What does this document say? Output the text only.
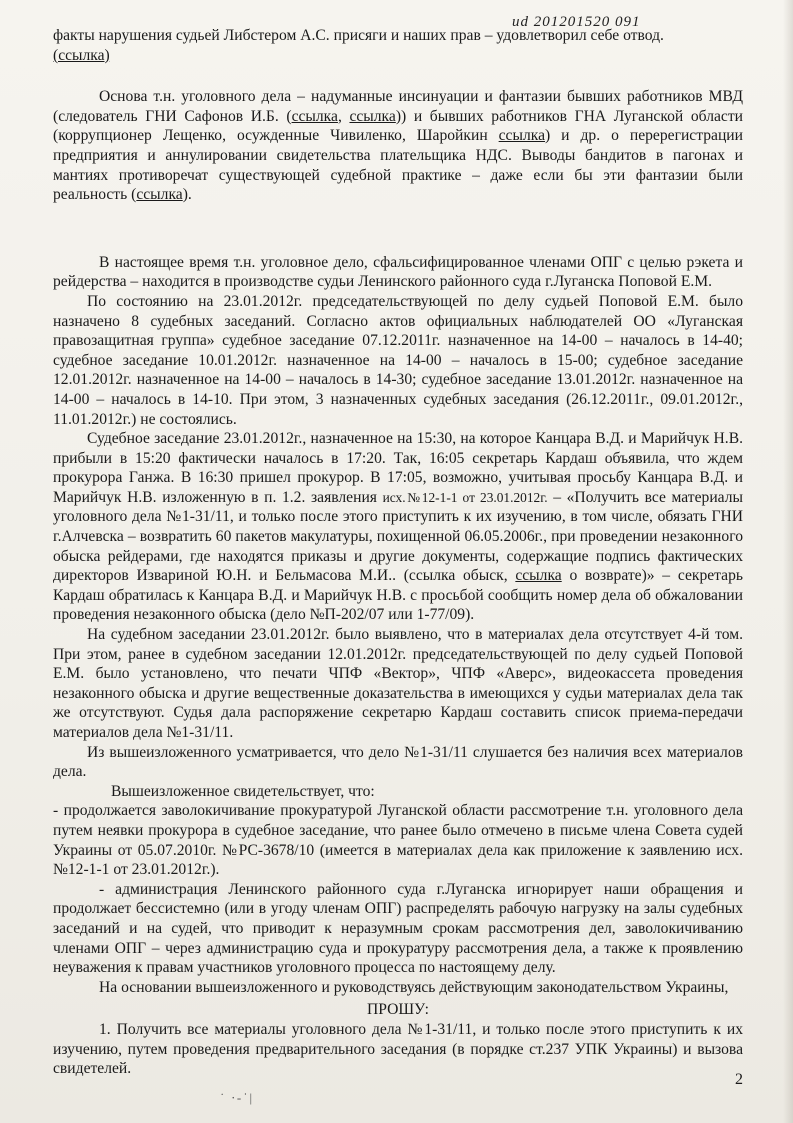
ud 201201520 091

факты нарушения судьей Либстером А.С. присяги и наших прав – удовлетворил себе отвод.
(ссылка)

Основа т.н. уголовного дела – надуманные инсинуации и фантазии бывших работников МВД (следователь ГНИ Сафонов И.Б. (ссылка, ссылка)) и бывших работников ГНА Луганской области (коррупционер Лещенко, осужденные Чивиленко, Шаройкин ссылка) и др. о перерегистрации предприятия и аннулировании свидетельства плательщика НДС. Выводы бандитов в пагонах и мантиях противоречат существующей судебной практике – даже если бы эти фантазии были реальность (ссылка).

В настоящее время т.н. уголовное дело, сфальсифицированное членами ОПГ с целью рэкета и рейдерства – находится в производстве судьи Ленинского районного суда г.Луганска Поповой Е.М.

По состоянию на 23.01.2012г. председательствующей по делу судьей Поповой Е.М. было назначено 8 судебных заседаний. Согласно актов официальных наблюдателей ОО «Луганская правозащитная группа» судебное заседание 07.12.2011г. назначенное на 14-00 – началось в 14-40; судебное заседание 10.01.2012г. назначенное на 14-00 – началось в 15-00; судебное заседание 12.01.2012г. назначенное на 14-00 – началось в 14-30; судебное заседание 13.01.2012г. назначенное на 14-00 – началось в 14-10. При этом, 3 назначенных судебных заседания (26.12.2011г., 09.01.2012г., 11.01.2012г.) не состоялись.

Судебное заседание 23.01.2012г., назначенное на 15:30, на которое Канцара В.Д. и Марийчук Н.В. прибыли в 15:20 фактически началось в 17:20. Так, 16:05 секретарь Кардаш объявила, что ждем прокурора Ганжа. В 16:30 пришел прокурор. В 17:05, возможно, учитывая просьбу Канцара В.Д. и Марийчук Н.В. изложенную в п. 1.2. заявления исх.№12-1-1 от 23.01.2012г. – «Получить все материалы уголовного дела №1-31/11, и только после этого приступить к их изучению, в том числе, обязать ГНИ г.Алчевска – возвратить 60 пакетов макулатуры, похищенной 06.05.2006г., при проведении незаконного обыска рейдерами, где находятся приказы и другие документы, содержащие подпись фактических директоров Изваринoй Ю.Н. и Бельмасова М.И.. (ссылка обыск, ссылка о возврате)» – секретарь Кардаш обратилась к Канцара В.Д. и Марийчук Н.В. с просьбой сообщить номер дела об обжаловании проведения незаконного обыска (дело №П-202/07 или 1-77/09).

На судебном заседании 23.01.2012г. было выявлено, что в материалах дела отсутствует 4-й том. При этом, ранее в судебном заседании 12.01.2012г. председательствующей по делу судьей Поповой Е.М. было установлено, что печати ЧПФ «Вектор», ЧПФ «Аверс», видеокассета проведения незаконного обыска и другие вещественные доказательства в имеющихся у судьи материалах дела так же отсутствуют. Судья дала распоряжение секретарю Кардаш составить список приема-передачи материалов дела №1-31/11.

Из вышеизложенного усматривается, что дело №1-31/11 слушается без наличия всех материалов дела.

Вышеизложенное свидетельствует, что:

- продолжается заволокичивание прокуратурой Луганской области рассмотрение т.н. уголовного дела путем неявки прокурора в судебное заседание, что ранее было отмечено в письме члена Совета судей Украины от 05.07.2010г. №РС-3678/10 (имеется в материалах дела как приложение к заявлению исх.№12-1-1 от 23.01.2012г.).

- администрация Ленинского районного суда г.Луганска игнорирует наши обращения и продолжает бессистемно (или в угоду членам ОПГ) распределять рабочую нагрузку на залы судебных заседаний и на судей, что приводит к неразумным срокам рассмотрения дел, заволокичиванию членами ОПГ – через администрацию суда и прокуратуру рассмотрения дела, а также к проявлению неуважения к правам участников уголовного процесса по настоящему делу.

На основании вышеизложенного и руководствуясь действующим законодательством Украины,

ПРОШУ:

1. Получить все материалы уголовного дела №1-31/11, и только после этого приступить к их изучению, путем проведения предварительного заседания (в порядке ст.237 УПК Украины) и вызова свидетелей.

2
˙ ∙-ˈ|
